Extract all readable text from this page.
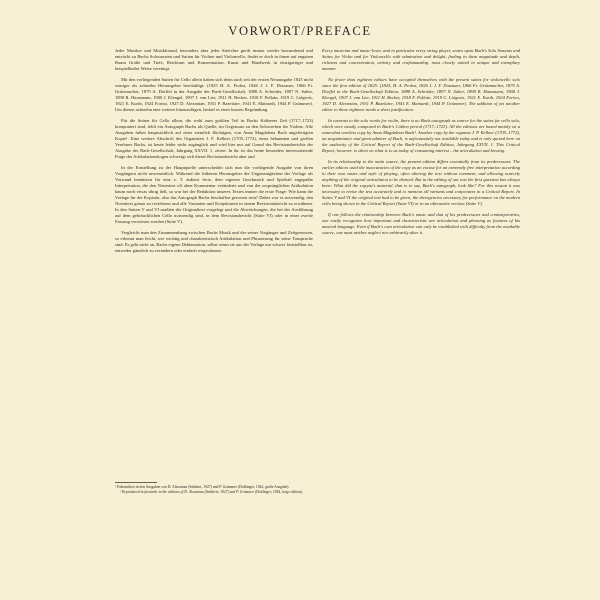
VORWORT/PREFACE

Jeder Musiker und Musikfreund, besonders aber jeder Streicher greift immer wieder bewundernd und entzückt zu Bachs Solosonaten und Suiten für Violine und Violoncello, findet er doch in ihnen auf engstem Raum Größe und Tiefe, Reichtum und Konzentration, Kunst und Handwerk in einzigartiger und beispielhafter Weise vereinigt.

Mit den vorliegenden Suiten für Cello allein haben sich denn auch seit der ersten Neuausgabe 1825 nicht weniger als achtzehn Herausgeber beschäftigt: (1825 H. A. Probst, 1826 J. J. F. Dotzauer, 1866 Fr. Grützmacher, 1879 A. Dörffel in der Ausgabe der Bach-Gesellschaft, 1888 A. Schröder, 1897 N. Salter, 1898 R. Hausmann, 1900 J. Klengel, 1907 J. van Lier, 1911 H. Becker, 1918 F. Pollain, 1919 C. Liégeois, 1921 E. Kurth, 1924 Forino, 1927 D. Alexanian, 1931 P. Bazelaire, 1941 E. Mainardi, 1944 P. Grümmer). Um diesen achtzehn eine weitere hinzuzufügen, bedarf es einer kurzen Begründung.

Für die Suiten für Cello allein, die wohl zum größten Teil in Bachs Köthener Zeit (1717–1723) komponiert sind, fehlt ein Autograph Bachs als Quelle, im Gegensatz zu den Solowerken für Violine. Alle Ausgaben fußen hauptsächlich auf einer ziemlich flüchtigen, von Anna Magdalena Bach angefertigten Kopie¹. Eine weitere Abschrift des Organisten J. P. Kellner (1705–1772), eines bekannten und großen Verehrers Bachs, ist heute leider nicht zugänglich und wird hier nur auf Grund des Revisionsberichts der Ausgabe der Bach-Gesellschaft, Jahrgang XXVII. 1, zitiert. In ihr ist das heute besonders interessierende Frage der Artikulationsbogen schweigt sich dieser Revisionsbericht aber aus!

In der Einstellung zu der Hauptquelle unterscheidet sich nun die vorliegende Ausgabe von ihren Vorgängern nicht unwesentlich. Während die früheren Herausgeber die Ungenauigkeiten der Vorlage als Vorwand benützten für eine z. T. äußerst freie, dem eigenen Geschmack und Spielstil angepaßte Interpretation, die den Notentext oft ohne Kommentar veränderte und von der ursprünglichen Artikulation kaum noch etwas übrig ließ, so war bei der Redaktion unseres Textes immer die erste Frage: Wie kann die Vorlage für die Kopistin, also das Autograph Bachs beschaffen gewesen sein? Daher war es notwendig, den Notentext genau zu revidieren und alle Varianten und Konjekturen in einem Revisionsbericht zu erwähnen. In den Suiten V und VI mußten der Originaltext vorgelegt und die Abweichungen, die bei der Ausführung auf dem gebräuchlichen Cello notwendig sind, in dem Revisionsbericht (Suite VI) oder in einer zweite Fassung verwiesen werden (Suite V).

Vergleicht man den Zusammenhang zwischen Bachs Musik und der seiner Vorgänger und Zeitgenossen, so erkennt man leicht, wie wichtig und charakteristisch Artikulation und Phrasierung für seine Tonsprache sind. Es geht nicht an, Bachs eigene Deklamation, selbst wenn sie aus der Vorlage nur schwer feststellbar ist, entweder gänzlich zu verändern oder einfach wegzulassen.

Every musician and music-lover, and in particular every string player, seizes upon Bach's Solo Sonatas and Suites for Violin and for Violoncello with admiration and delight, finding in them magnitude and depth, richness and concentration, artistry and craftsmanship, most closely united in unique and exemplary manner.

No fewer than eighteen editors have occupied themselves with the present suites for violoncello solo since the first edition of 1825: (1825, H. A. Probst, 1826 J. J. F. Dotzauer, 1866 Fr. Grützmacher, 1879 A. Dörffel in the Bach-Gesellschaft Edition, 1888 A. Schröder, 1897 N. Salter, 1898 R. Hausmann, 1900 J. Klengel, 1907 J. van Lier, 1911 H. Becker, 1918 F. Pollain, 1919 C. Liégeois, 1921 E. Kurth, 1924 Forino, 1927 D. Alexanian, 1931 P. Bazelaire, 1941 E. Mainardi, 1944 P. Grümmer). The addition of yet another editor to these eighteen needs a short justification.

In contrast to the solo works for violin, there is no Bach autograph as source for the suites for cello solo, which were mostly composed in Bach's Cöthen period (1717–1723). All the editions are based mainly on a somewhat careless copy by Anna Magdalena Bach¹. Another copy by the organist J. P. Kellner (1705–1772), an acquaintance and great admirer of Bach, is unfortunately not available today and is only quoted here on the authority of the Critical Report of the Bach-Gesellschaft Edition, Jahrgang XXVII. 1. This Critical Report, however, is silent on what is to us today of consuming interest – the articulation and bowing.

In its relationship to the main source, the present edition differs essentially from its predecessors. The earlier editors used the inaccuracies of the copy as an excuse for an extremely free interpretation according to their own tastes and style of playing, often altering the text without comment, and allowing scarcely anything of the original articulation to be divined. But in the editing of our text the first question has always been: What did the copyist's material, that is to say, Bach's autograph, look like? For this reason it was necessary to revise the text accurately and to mention all variants and conjectures in a Critical Report. In Suites V and VI the original text had to be given, the divergencies necessary for performance on the modern cello being shown in the Critical Report (Suite VI) or in an alternative version (Suite V).

If one follows the relationship between Bach's music and that of his predecessors and contemporaries, one easily recognises how important and characteristic are articulation and phrasing as features of his musical language. Even if Bach's own articulation can only be established with difficulty from the available source, one must neither neglect nor arbitrarily alter it.

¹ Faksimiliert in den Ausgaben von D. Alexanian (Salabert, 1927) und P. Grümmer (Doblinger, 1944, große Ausgabe).

¹ Reproduced in facsimile in the editions of D. Alexanian (Salabert, 1927) and P. Grümmer (Doblinger, 1944, large edition).
